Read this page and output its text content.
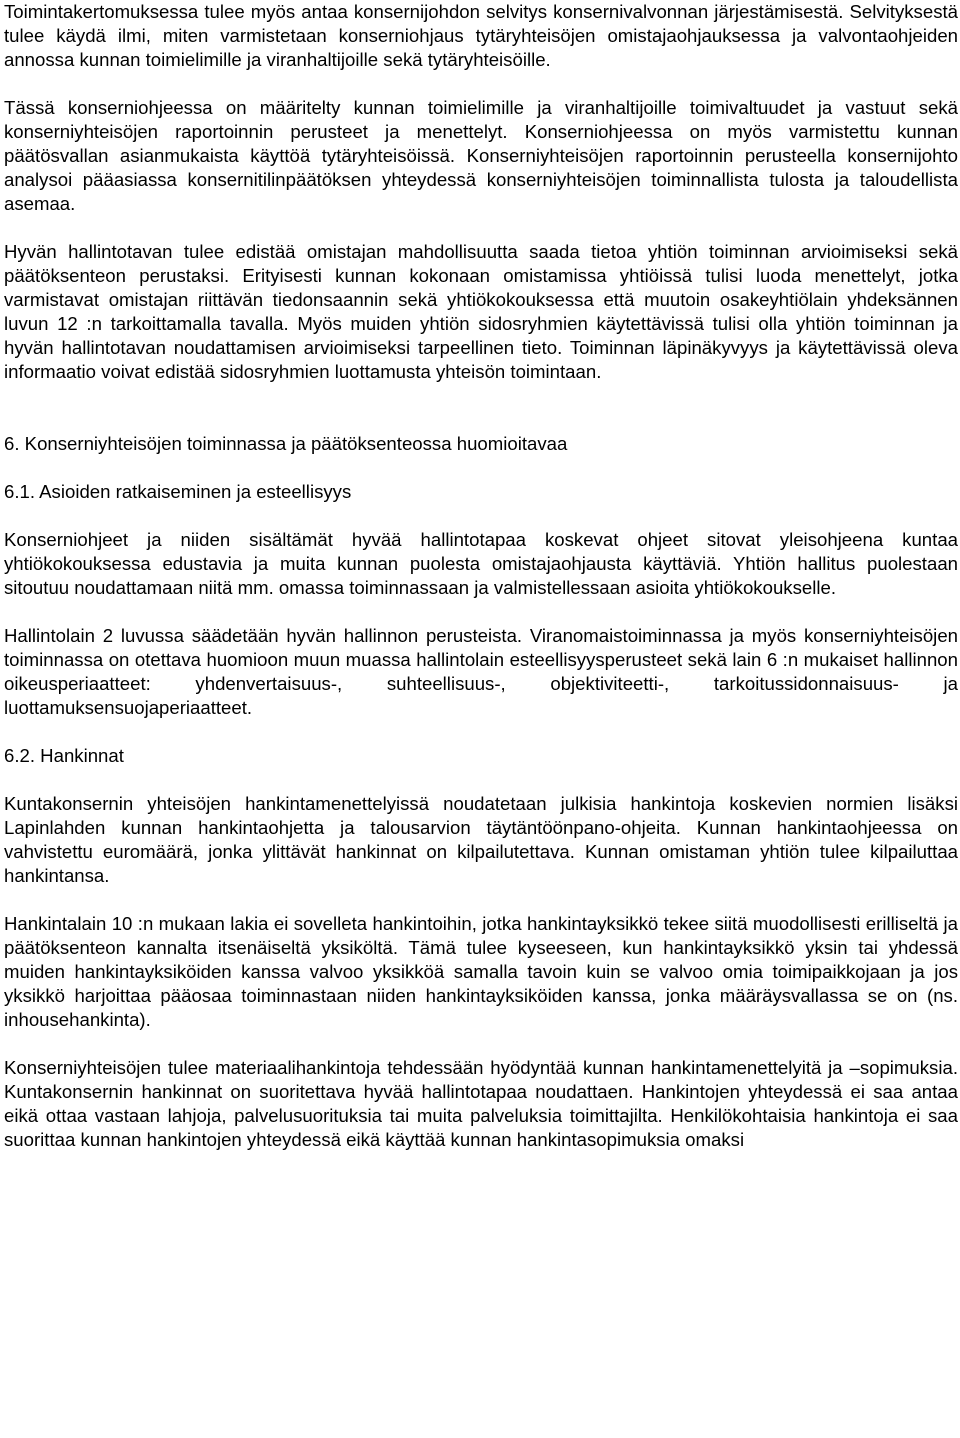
Toimintakertomuksessa tulee myös antaa konsernijohdon selvitys konsernivalvonnan järjestämisestä. Selvityksestä tulee käydä ilmi, miten varmistetaan konserniohjaus tytäryhteisöjen omistajaohjauksessa ja valvontaohjeiden annossa kunnan toimielimille ja viranhaltijoille sekä tytäryhteisöille.

Tässä konserniohjeessa on määritelty kunnan toimielimille ja viranhaltijoille toimivaltuudet ja vastuut sekä konserniyhteisöjen raportoinnin perusteet ja menettelyt. Konserniohjeessa on myös varmistettu kunnan päätösvallan asianmukaista käyttöä tytäryhteisöissä. Konserniyhteisöjen raportoinnin perusteella konsernijohto analysoi pääasiassa konsernitilinpäätöksen yhteydessä konserniyhteisöjen toiminnallista tulosta ja taloudellista asemaa.

Hyvän hallintotavan tulee edistää omistajan mahdollisuutta saada tietoa yhtiön toiminnan arvioimiseksi sekä päätöksenteon perustaksi. Erityisesti kunnan kokonaan omistamissa yhtiöissä tulisi luoda menettelyt, jotka varmistavat omistajan riittävän tiedonsaannin sekä yhtiökokouksessa että muutoin osakeyhtiölain yhdeksännen luvun 12 :n tarkoittamalla tavalla. Myös muiden yhtiön sidosryhmien käytettävissä tulisi olla yhtiön toiminnan ja hyvän hallintotavan noudattamisen arvioimiseksi tarpeellinen tieto. Toiminnan läpinäkyvyys ja käytettävissä oleva informaatio voivat edistää sidosryhmien luottamusta yhteisön toimintaan.

6. Konserniyhteisöjen toiminnassa ja päätöksenteossa huomioitavaa

6.1. Asioiden ratkaiseminen ja esteellisyys

Konserniohjeet ja niiden sisältämät hyvää hallintotapaa koskevat ohjeet sitovat yleisohjeena kuntaa yhtiökokouksessa edustavia ja muita kunnan puolesta omistajaohjausta käyttäviä. Yhtiön hallitus puolestaan sitoutuu noudattamaan niitä mm. omassa toiminnassaan ja valmistellessaan asioita yhtiökokoukselle.

Hallintolain 2 luvussa säädetään hyvän hallinnon perusteista. Viranomaistoiminnassa ja myös konserniyhteisöjen toiminnassa on otettava huomioon muun muassa hallintolain esteellisyysperusteet sekä lain 6 :n mukaiset hallinnon oikeusperiaatteet: yhdenvertaisuus-, suhteellisuus-, objektiviteetti-, tarkoitussidonnaisuus- ja luottamuksensuojaperiaatteet.

6.2. Hankinnat

Kuntakonsernin yhteisöjen hankintamenettelyissä noudatetaan julkisia hankintoja koskevien normien lisäksi Lapinlahden kunnan hankintaohjetta ja talousarvion täytäntöönpano-ohjeita. Kunnan hankintaohjeessa on vahvistettu euromäärä, jonka ylittävät hankinnat on kilpailutettava. Kunnan omistaman yhtiön tulee kilpailuttaa hankintansa.

Hankintalain 10 :n mukaan lakia ei sovelleta hankintoihin, jotka hankintayksikkö tekee siitä muodollisesti erilliseltä ja päätöksenteon kannalta itsenäiseltä yksiköltä. Tämä tulee kyseeseen, kun hankintayksikkö yksin tai yhdessä muiden hankintayksiköiden kanssa valvoo yksikköä samalla tavoin kuin se valvoo omia toimipaikkojaan ja jos yksikkö harjoittaa pääosaa toiminnastaan niiden hankintayksiköiden kanssa, jonka määräysvallassa se on (ns. inhousehankinta).

Konserniyhteisöjen tulee materiaalihankintoja tehdessään hyödyntää kunnan hankintamenettelyitä ja –sopimuksia. Kuntakonsernin hankinnat on suoritettava hyvää hallintotapaa noudattaen. Hankintojen yhteydessä ei saa antaa eikä ottaa vastaan lahjoja, palvelusuorituksia tai muita palveluksia toimittajilta. Henkilökohtaisia hankintoja ei saa suorittaa kunnan hankintojen yhteydessä eikä käyttää kunnan hankintasopimuksia omaksi
